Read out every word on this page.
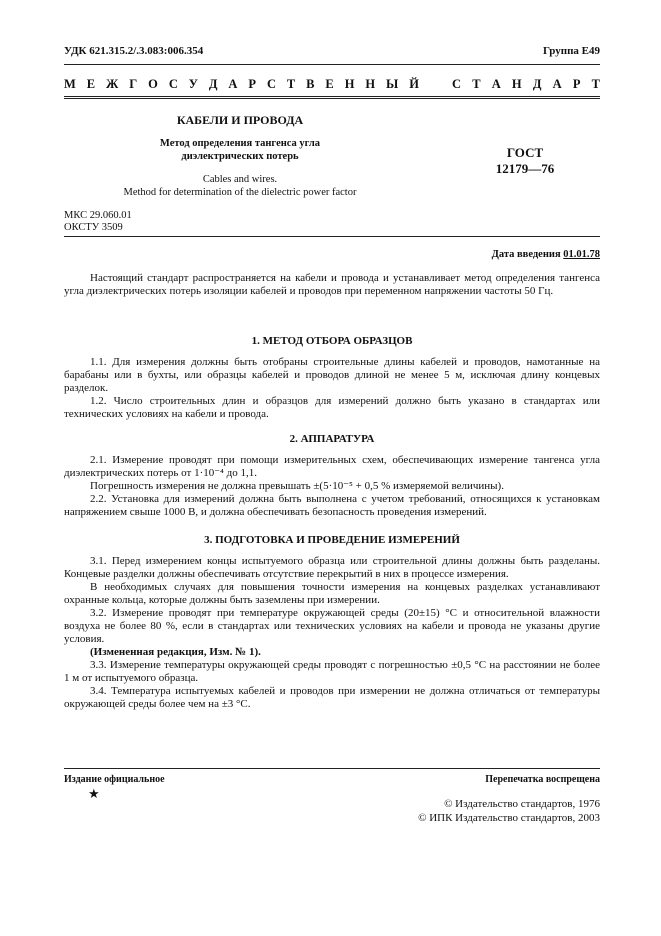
УДК 621.315.2/.3.083:006.354	Группа Е49
М Е Ж Г О С У Д А Р С Т В Е Н Н Ы Й	С Т А Н Д А Р Т
КАБЕЛИ И ПРОВОДА
Метод определения тангенса угла
диэлектрических потерь
Cables and wires.
Method for determination of the dielectric power factor
ГОСТ
12179—76
МКС 29.060.01
ОКСТУ 3509
Дата введения 01.01.78

Настоящий стандарт распространяется на кабели и провода и устанавливает метод определения тангенса угла диэлектрических потерь изоляции кабелей и проводов при переменном напряжении частоты 50 Гц.

1. МЕТОД ОТБОРА ОБРАЗЦОВ

1.1. Для измерения должны быть отобраны строительные длины кабелей и проводов, намотанные на барабаны или в бухты, или образцы кабелей и проводов длиной не менее 5 м, исключая длину концевых разделок.

1.2. Число строительных длин и образцов для измерений должно быть указано в стандартах или технических условиях на кабели и провода.

2. АППАРАТУРА

2.1. Измерение проводят при помощи измерительных схем, обеспечивающих измерение тангенса угла диэлектрических потерь от 1·10⁻⁴ до 1,1.

Погрешность измерения не должна превышать ±(5·10⁻⁵ + 0,5 % измеряемой величины).

2.2. Установка для измерений должна быть выполнена с учетом требований, относящихся к установкам напряжением свыше 1000 В, и должна обеспечивать безопасность проведения измерений.

3. ПОДГОТОВКА И ПРОВЕДЕНИЕ ИЗМЕРЕНИЙ

3.1. Перед измерением концы испытуемого образца или строительной длины должны быть разделаны. Концевые разделки должны обеспечивать отсутствие перекрытий в них в процессе измерения.

В необходимых случаях для повышения точности измерения на концевых разделках устанавливают охранные кольца, которые должны быть заземлены при измерении.

3.2. Измерение проводят при температуре окружающей среды (20±15) °С и относительной влажности воздуха не более 80 %, если в стандартах или технических условиях на кабели и провода не указаны другие условия.

(Измененная редакция, Изм. № 1).

3.3. Измерение температуры окружающей среды проводят с погрешностью ±0,5 °С на расстоянии не более 1 м от испытуемого образца.

3.4. Температура испытуемых кабелей и проводов при измерении не должна отличаться от температуры окружающей среды более чем на ±3 °С.

Издание официальное	Перепечатка воспрещена
★
© Издательство стандартов, 1976
© ИПК Издательство стандартов, 2003
